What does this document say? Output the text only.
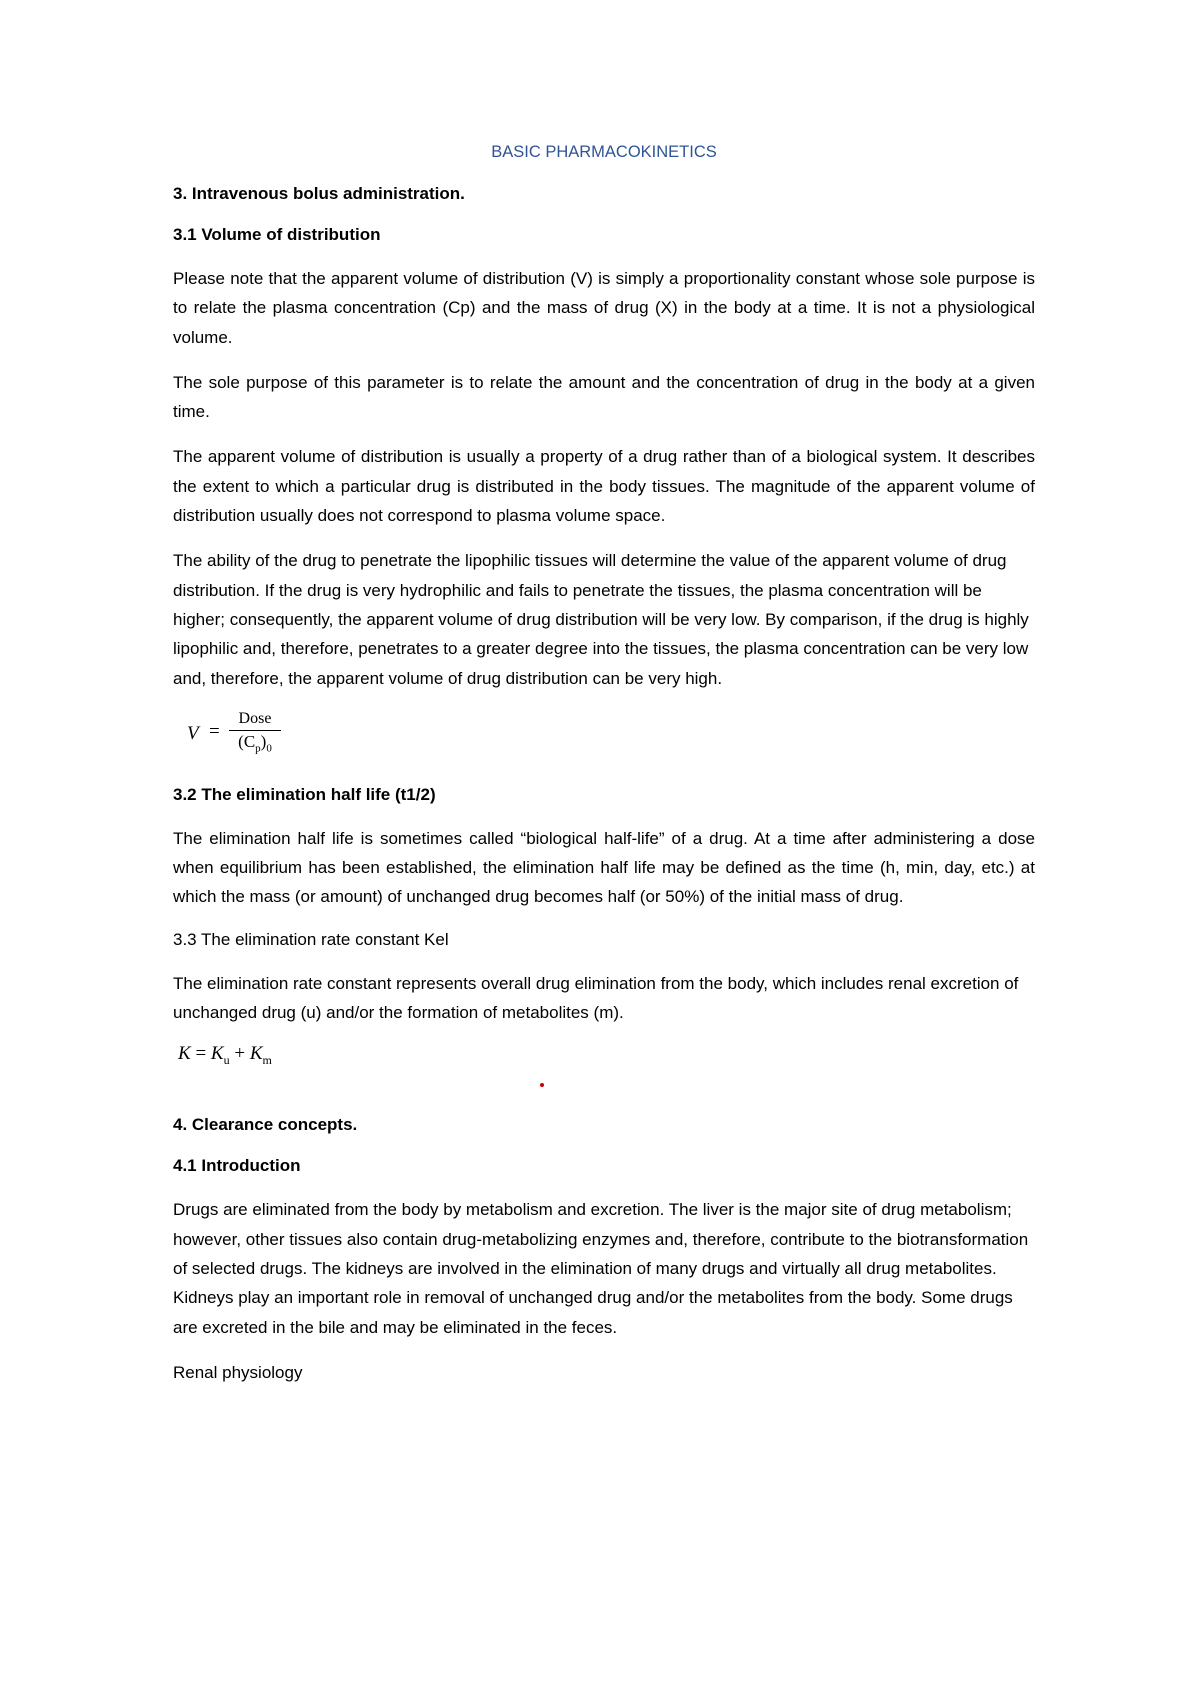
BASIC PHARMACOKINETICS
3. Intravenous bolus administration.
3.1 Volume of distribution

Please note that the apparent volume of distribution (V) is simply a proportionality constant whose sole purpose is to relate the plasma concentration (Cp) and the mass of drug (X) in the body at a time. It is not a physiological volume.

The sole purpose of this parameter is to relate the amount and the concentration of drug in the body at a given time.

The apparent volume of distribution is usually a property of a drug rather than of a biological system. It describes the extent to which a particular drug is distributed in the body tissues. The magnitude of the apparent volume of distribution usually does not correspond to plasma volume space.

The ability of the drug to penetrate the lipophilic tissues will determine the value of the apparent volume of drug distribution. If the drug is very hydrophilic and fails to penetrate the tissues, the plasma concentration will be higher; consequently, the apparent volume of drug distribution will be very low. By comparison, if the drug is highly lipophilic and, therefore, penetrates to a greater degree into the tissues, the plasma concentration can be very low and, therefore, the apparent volume of drug distribution can be very high.

V =
Dose
$(C_p)_0$
3.2 The elimination half life (t1/2)

The elimination half life is sometimes called “biological half-life” of a drug. At a time after administering a dose when equilibrium has been established, the elimination half life may be defined as the time (h, min, day, etc.) at which the mass (or amount) of unchanged drug becomes half (or 50%) of the initial mass of drug.

3.3 The elimination rate constant Kel

The elimination rate constant represents overall drug elimination from the body, which includes renal excretion of unchanged drug (u) and/or the formation of metabolites (m).

$K = K_u + K_m$
4. Clearance concepts.
4.1 Introduction

Drugs are eliminated from the body by metabolism and excretion. The liver is the major site of drug metabolism; however, other tissues also contain drug-metabolizing enzymes and, therefore, contribute to the biotransformation of selected drugs. The kidneys are involved in the elimination of many drugs and virtually all drug metabolites. Kidneys play an important role in removal of unchanged drug and/or the metabolites from the body. Some drugs are excreted in the bile and may be eliminated in the feces.

Renal physiology
